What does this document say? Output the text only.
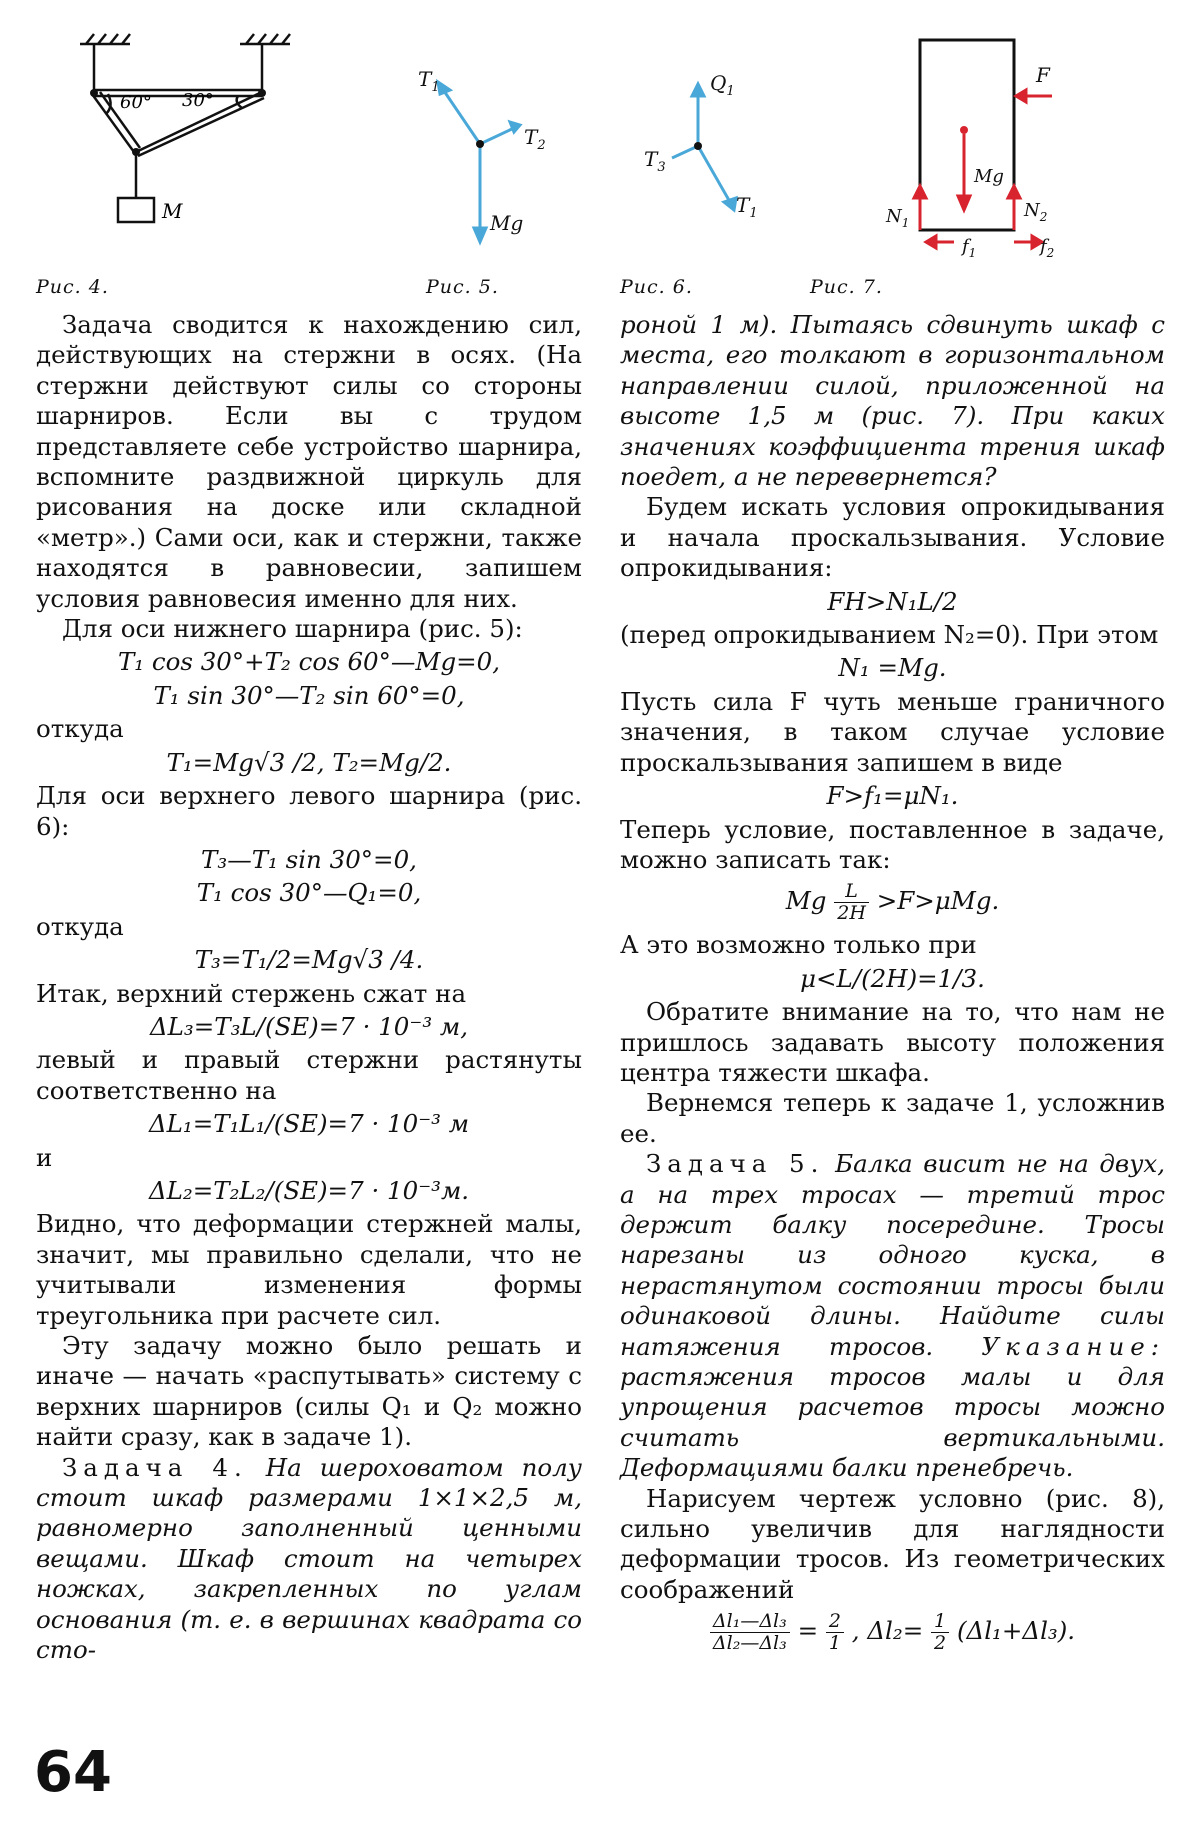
60° 30°
M
Рис. 4.
$T_1$
$T_2$
Mg
Рис. 5.
$Q_1$
$T_3$
$T_1$
Рис. 6.
F
Mg
$N_1$
$N_2$
$f_1$	$f_2$
Рис. 7.

Задача сводится к нахождению сил, действующих на стержни в осях. (На стержни действуют силы со стороны шарниров. Если вы с трудом представляете себе устройство шарнира, вспомните раздвижной циркуль для рисования на доске или складной «метр».) Сами оси, как и стержни, также находятся в равновесии, запишем условия равновесия именно для них.

Для оси нижнего шарнира (рис. 5):

T₁ cos 30°+T₂ cos 60°—Mg=0,
T₁ sin 30°—T₂ sin 60°=0,

откуда

T₁=Mg√3 /2, T₂=Mg/2.

Для оси верхнего левого шарнира (рис. 6):

T₃—T₁ sin 30°=0,
T₁ cos 30°—Q₁=0,

откуда

T₃=T₁/2=Mg√3 /4.

Итак, верхний стержень сжат на

ΔL₃=T₃L/(SE)=7 · 10⁻³ м,

левый и правый стержни растянуты соответственно на

ΔL₁=T₁L₁/(SE)=7 · 10⁻³ м

и

ΔL₂=T₂L₂/(SE)=7 · 10⁻³м.

Видно, что деформации стержней малы, значит, мы правильно сделали, что не учитывали изменения формы треугольника при расчете сил.

Эту задачу можно было решать и иначе — начать «распутывать» систему с верхних шарниров (силы Q₁ и Q₂ можно найти сразу, как в задаче 1).

Задача 4. На шероховатом полу стоит шкаф размерами 1×1×2,5 м, равномерно заполненный ценными вещами. Шкаф стоит на четырех ножках, закрепленных по углам основания (т. е. в вершинах квадрата со сто-

роной 1 м). Пытаясь сдвинуть шкаф с места, его толкают в горизонтальном направлении силой, приложенной на высоте 1,5 м (рис. 7). При каких значениях коэффициента трения шкаф поедет, а не перевернется?

Будем искать условия опрокидывания и начала проскальзывания. Условие опрокидывания:

FH>N₁L/2

(перед опрокидыванием N₂=0). При этом

N₁ =Mg.

Пусть сила F чуть меньше граничного значения, в таком случае условие проскальзывания запишем в виде

F>f₁=μN₁.

Теперь условие, поставленное в задаче, можно записать так:

Mg $\frac{L}{2H} >F>\mu Mg$.

А это возможно только при

μ<L/(2H)=1/3.

Обратите внимание на то, что нам не пришлось задавать высоту положения центра тяжести шкафа.

Вернемся теперь к задаче 1, усложнив ее.

Задача 5. Балка висит не на двух, а на трех тросах — третий трос держит балку посередине. Тросы нарезаны из одного куска, в нерастянутом состоянии тросы были одинаковой длины. Найдите силы натяжения тросов. Указание: растяжения тросов малы и для упрощения расчетов тросы можно считать вертикальными. Деформациями балки пренебречь.

Нарисуем чертеж условно (рис. 8), сильно увеличив для наглядности деформации тросов. Из геометрических соображений

$\frac{\text{Δl₁—Δl₃}}{\text{Δl₂—Δl₃}} = \frac{2}{1}$ , $\Delta l_2= \frac{1}{2} (\Delta l_1+\Delta l_3)$.
64
